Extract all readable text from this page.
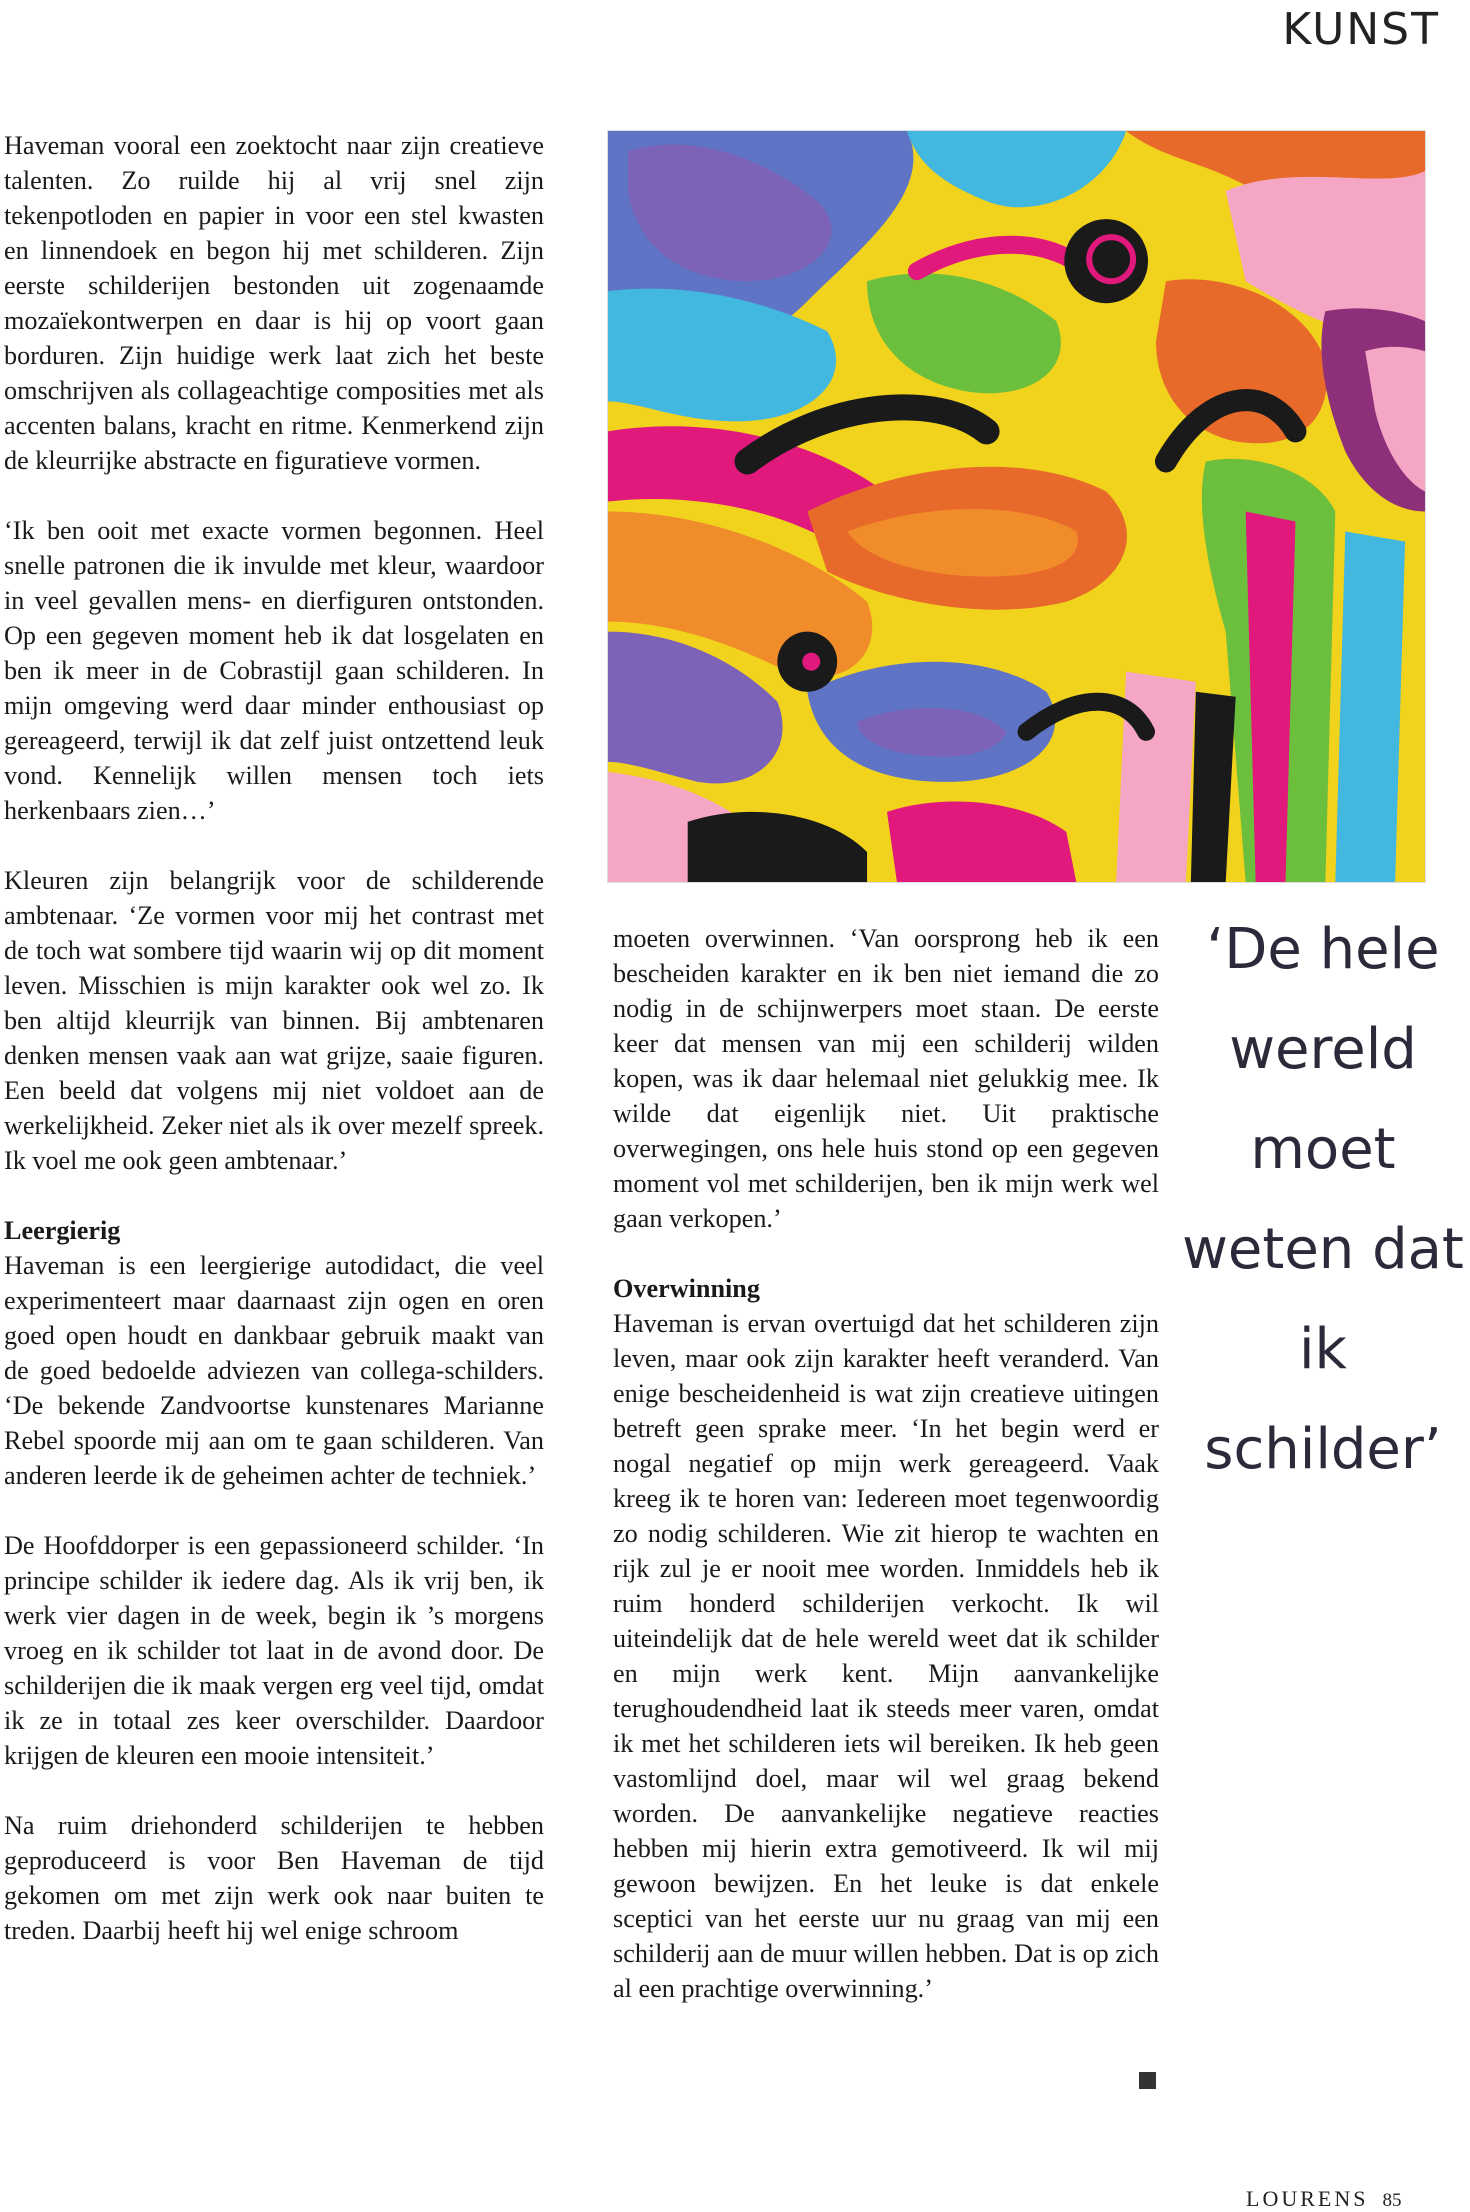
KUNST

Haveman vooral een zoektocht naar zijn creatieve talenten. Zo ruilde hij al vrij snel zijn tekenpotloden en papier in voor een stel kwasten en linnendoek en begon hij met schilderen. Zijn eerste schilderijen bestonden uit zogenaamde mozaïekontwerpen en daar is hij op voort gaan borduren. Zijn huidige werk laat zich het beste omschrijven als collageachtige composities met als accenten balans, kracht en ritme. Kenmerkend zijn de kleurrijke abstracte en figuratieve vormen.

‘Ik ben ooit met exacte vormen begonnen. Heel snelle patronen die ik invulde met kleur, waardoor in veel gevallen mens- en dierfiguren ontstonden. Op een gegeven moment heb ik dat losgelaten en ben ik meer in de Cobrastijl gaan schilderen. In mijn omgeving werd daar minder enthousiast op gereageerd, terwijl ik dat zelf juist ontzettend leuk vond. Kennelijk willen mensen toch iets herkenbaars zien…’

Kleuren zijn belangrijk voor de schilderende ambtenaar. ‘Ze vormen voor mij het contrast met de toch wat sombere tijd waarin wij op dit moment leven. Misschien is mijn karakter ook wel zo. Ik ben altijd kleurrijk van binnen. Bij ambtenaren denken mensen vaak aan wat grijze, saaie figuren. Een beeld dat volgens mij niet voldoet aan de werkelijkheid. Zeker niet als ik over mezelf spreek. Ik voel me ook geen ambtenaar.’

Leergierig

Haveman is een leergierige autodidact, die veel experimenteert maar daarnaast zijn ogen en oren goed open houdt en dankbaar gebruik maakt van de goed bedoelde adviezen van collega-schilders. ‘De bekende Zandvoortse kunstenares Marianne Rebel spoorde mij aan om te gaan schilderen. Van anderen leerde ik de geheimen achter de techniek.’

De Hoofddorper is een gepassioneerd schilder. ‘In principe schilder ik iedere dag. Als ik vrij ben, ik werk vier dagen in de week, begin ik ’s morgens vroeg en ik schilder tot laat in de avond door. De schilderijen die ik maak vergen erg veel tijd, omdat ik ze in totaal zes keer overschilder. Daardoor krijgen de kleuren een mooie intensiteit.’

Na ruim driehonderd schilderijen te hebben geproduceerd is voor Ben Haveman de tijd gekomen om met zijn werk ook naar buiten te treden. Daarbij heeft hij wel enige schroom

moeten overwinnen. ‘Van oorsprong heb ik een bescheiden karakter en ik ben niet iemand die zo nodig in de schijnwerpers moet staan. De eerste keer dat mensen van mij een schilderij wilden kopen, was ik daar helemaal niet gelukkig mee. Ik wilde dat eigenlijk niet. Uit praktische overwegingen, ons hele huis stond op een gegeven moment vol met schilderijen, ben ik mijn werk wel gaan verkopen.’

Overwinning

Haveman is ervan overtuigd dat het schilderen zijn leven, maar ook zijn karakter heeft veranderd. Van enige bescheidenheid is wat zijn creatieve uitingen betreft geen sprake meer. ‘In het begin werd er nogal negatief op mijn werk gereageerd. Vaak kreeg ik te horen van: Iedereen moet tegenwoordig zo nodig schilderen. Wie zit hierop te wachten en rijk zul je er nooit mee worden. Inmiddels heb ik ruim honderd schilderijen verkocht. Ik wil uiteindelijk dat de hele wereld weet dat ik schilder en mijn werk kent. Mijn aanvankelijke terughoudendheid laat ik steeds meer varen, omdat ik met het schilderen iets wil bereiken. Ik heb geen vastomlijnd doel, maar wil wel graag bekend worden. De aanvankelijke negatieve reacties hebben mij hierin extra gemotiveerd. Ik wil mij gewoon bewijzen. En het leuke is dat enkele sceptici van het eerste uur nu graag van mij een schilderij aan de muur willen hebben. Dat is op zich al een prachtige overwinning.’

‘De hele
wereld
moet
weten dat
ik schilder’
LOURENS 85
